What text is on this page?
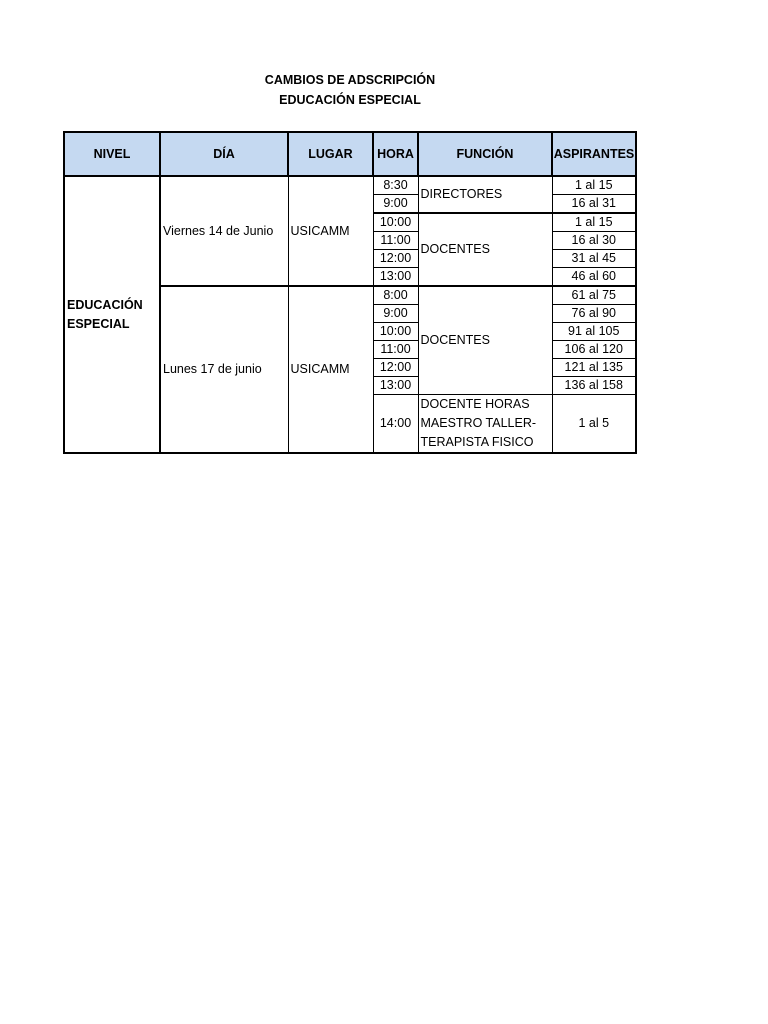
CAMBIOS DE ADSCRIPCIÓN
EDUCACIÓN ESPECIAL
NIVEL	DÍA	LUGAR	HORA	FUNCIÓN	ASPIRANTES
EDUCACIÓN ESPECIAL	Viernes 14 de Junio	USICAMM	8:30	DIRECTORES	1 al 15
			9:00		16 al 31
			10:00	DOCENTES	1 al 15
			11:00		16 al 30
			12:00		31 al 45
			13:00		46 al 60
	Lunes 17 de junio	USICAMM	8:00	DOCENTES	61 al 75
			9:00		76 al 90
			10:00		91 al 105
			11:00		106 al 120
			12:00		121 al 135
			13:00		136 al 158
			14:00	DOCENTE HORAS
MAESTRO TALLER-
TERAPISTA FISICO	1 al 5
